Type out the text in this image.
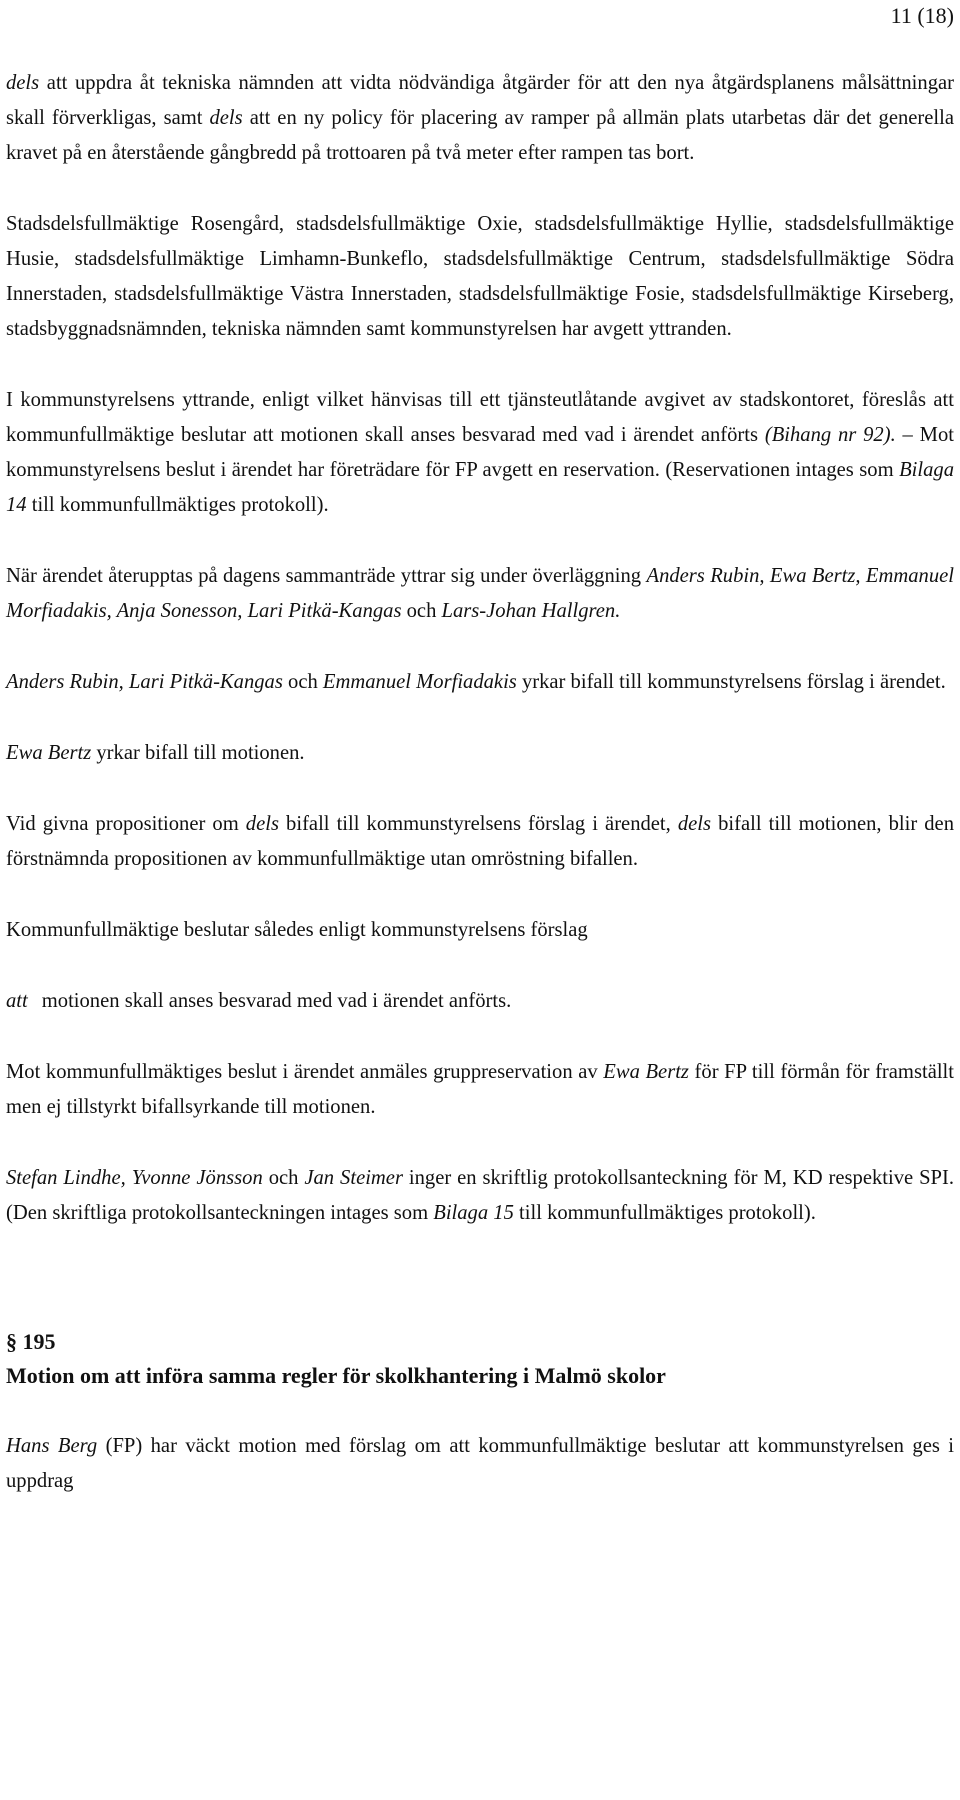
11 (18)

dels att uppdra åt tekniska nämnden att vidta nödvändiga åtgärder för att den nya åtgärdsplanens målsättningar skall förverkligas, samt dels att en ny policy för placering av ramper på allmän plats utarbetas där det generella kravet på en återstående gångbredd på trottoaren på två meter efter rampen tas bort.

Stadsdelsfullmäktige Rosengård, stadsdelsfullmäktige Oxie, stadsdelsfullmäktige Hyllie, stadsdelsfullmäktige Husie, stadsdelsfullmäktige Limhamn-Bunkeflo, stadsdelsfullmäktige Centrum, stadsdelsfullmäktige Södra Innerstaden, stadsdelsfullmäktige Västra Innerstaden, stadsdelsfullmäktige Fosie, stadsdelsfullmäktige Kirseberg, stadsbyggnadsnämnden, tekniska nämnden samt kommunstyrelsen har avgett yttranden.

I kommunstyrelsens yttrande, enligt vilket hänvisas till ett tjänsteutlåtande avgivet av stadskontoret, föreslås att kommunfullmäktige beslutar att motionen skall anses besvarad med vad i ärendet anförts (Bihang nr 92). – Mot kommunstyrelsens beslut i ärendet har företrädare för FP avgett en reservation. (Reservationen intages som Bilaga 14 till kommunfullmäktiges protokoll).

När ärendet återupptas på dagens sammanträde yttrar sig under överläggning Anders Rubin, Ewa Bertz, Emmanuel Morfiadakis, Anja Sonesson, Lari Pitkä-Kangas och Lars-Johan Hallgren.

Anders Rubin, Lari Pitkä-Kangas och Emmanuel Morfiadakis yrkar bifall till kommunstyrelsens förslag i ärendet.

Ewa Bertz yrkar bifall till motionen.

Vid givna propositioner om dels bifall till kommunstyrelsens förslag i ärendet, dels bifall till motionen, blir den förstnämnda propositionen av kommunfullmäktige utan omröstning bifallen.

Kommunfullmäktige beslutar således enligt kommunstyrelsens förslag

att motionen skall anses besvarad med vad i ärendet anförts.

Mot kommunfullmäktiges beslut i ärendet anmäles gruppreservation av Ewa Bertz för FP till förmån för framställt men ej tillstyrkt bifallsyrkande till motionen.

Stefan Lindhe, Yvonne Jönsson och Jan Steimer inger en skriftlig protokollsanteckning för M, KD respektive SPI. (Den skriftliga protokollsanteckningen intages som Bilaga 15 till kommunfullmäktiges protokoll).

§ 195
Motion om att införa samma regler för skolkhantering i Malmö skolor

Hans Berg (FP) har väckt motion med förslag om att kommunfullmäktige beslutar att kommunstyrelsen ges i uppdrag
